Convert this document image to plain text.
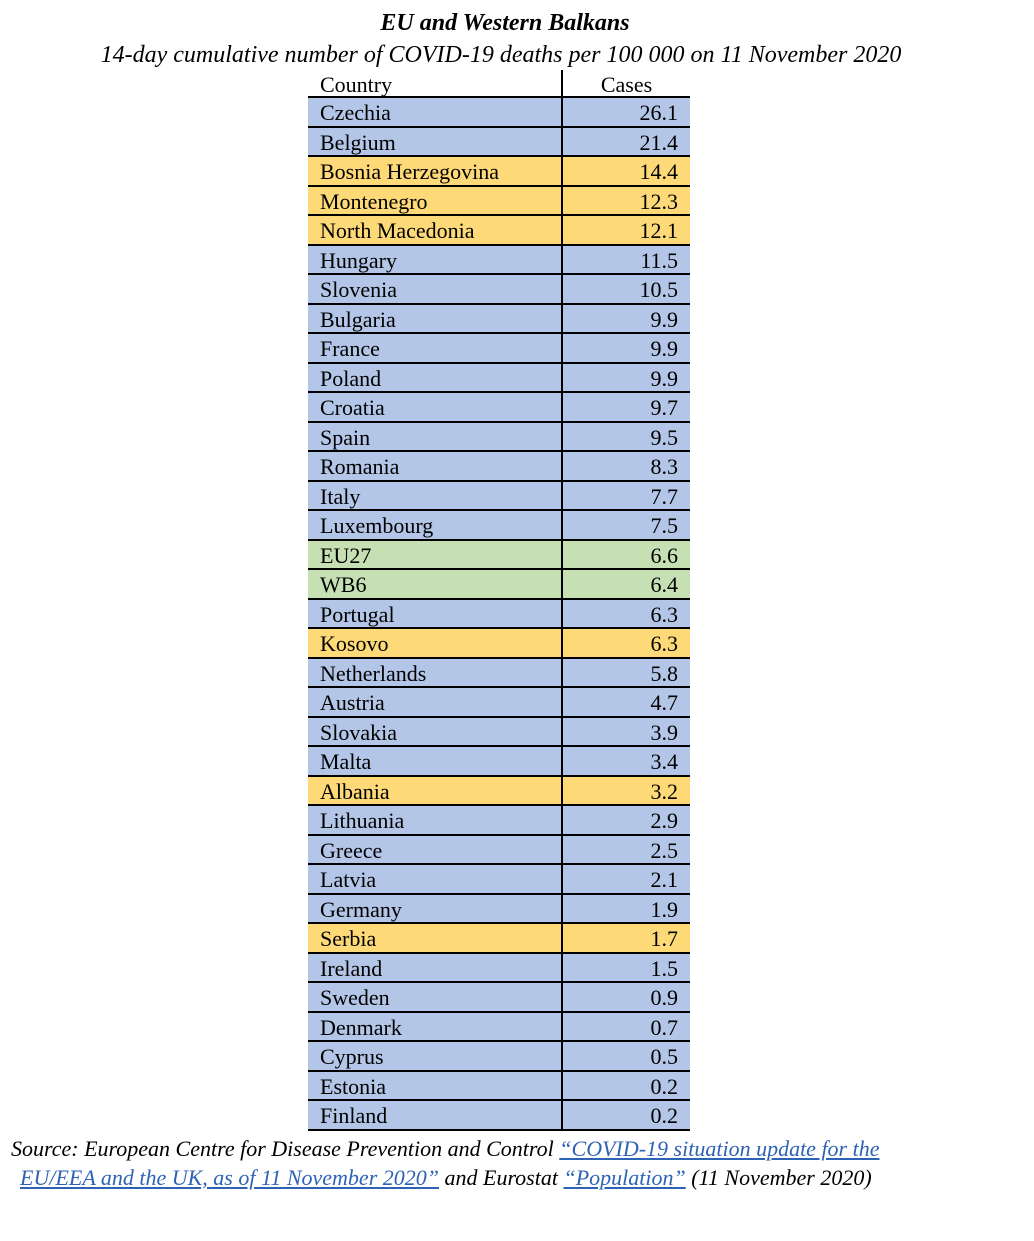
EU and Western Balkans
14-day cumulative number of COVID-19 deaths per 100 000 on 11 November 2020
Country	Cases
Czechia	26.1
Belgium	21.4
Bosnia Herzegovina	14.4
Montenegro	12.3
North Macedonia	12.1
Hungary	11.5
Slovenia	10.5
Bulgaria	9.9
France	9.9
Poland	9.9
Croatia	9.7
Spain	9.5
Romania	8.3
Italy	7.7
Luxembourg	7.5
EU27	6.6
WB6	6.4
Portugal	6.3
Kosovo	6.3
Netherlands	5.8
Austria	4.7
Slovakia	3.9
Malta	3.4
Albania	3.2
Lithuania	2.9
Greece	2.5
Latvia	2.1
Germany	1.9
Serbia	1.7
Ireland	1.5
Sweden	0.9
Denmark	0.7
Cyprus	0.5
Estonia	0.2
Finland	0.2
Source: European Centre for Disease Prevention and Control “COVID-19 situation update for the
EU/EEA and the UK, as of 11 November 2020” and Eurostat “Population” (11 November 2020)
